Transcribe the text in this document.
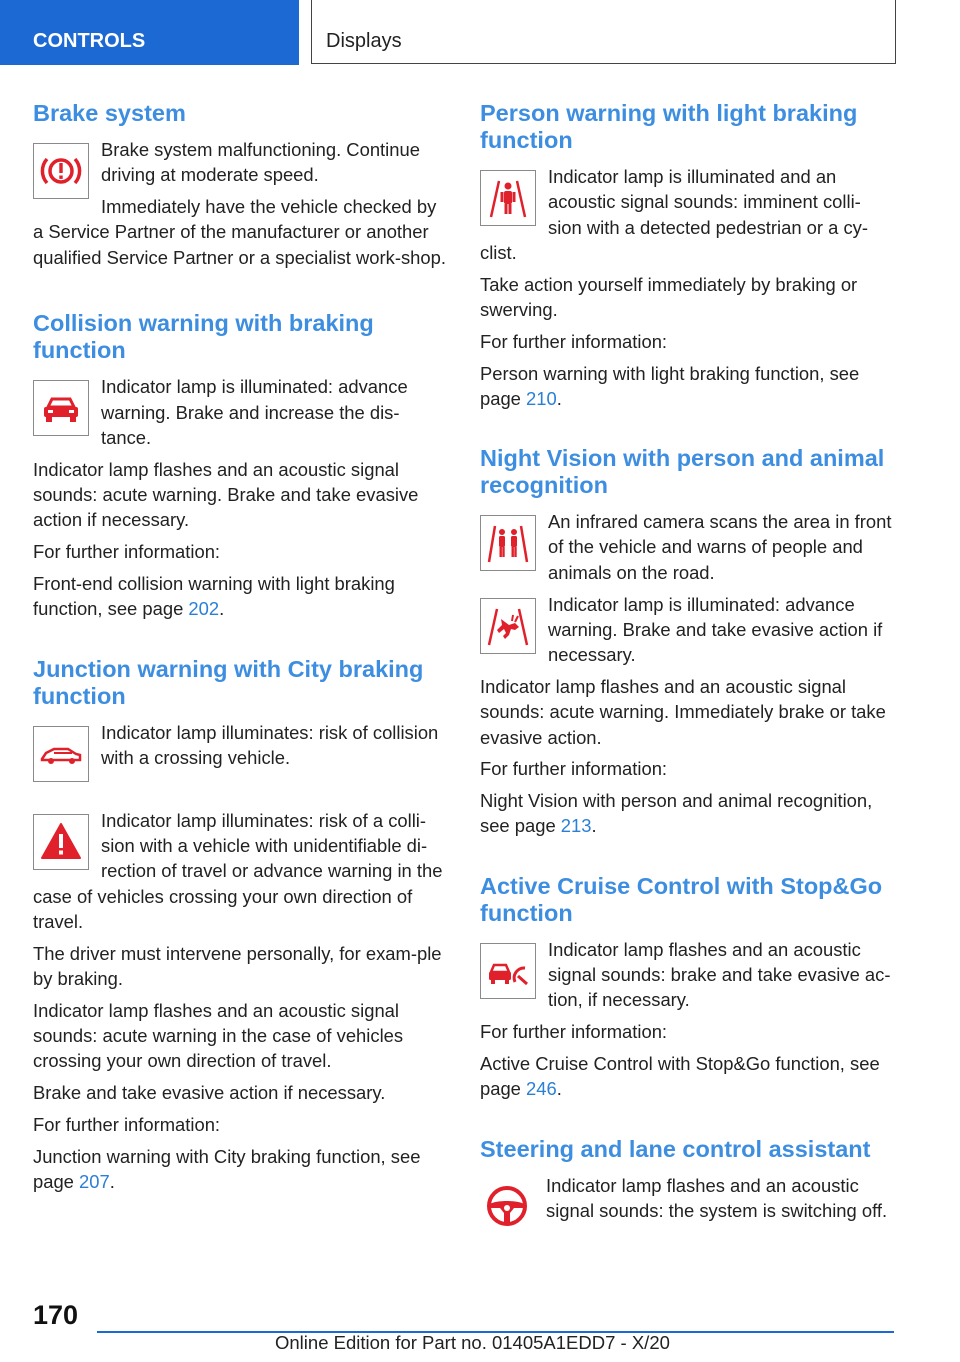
CONTROLS	Displays
Brake system

Brake system malfunctioning. Continue driving at moderate speed.

Immediately have the vehicle checked by a Service Partner of the manufacturer or another qualified Service Partner or a specialist work-shop.

Collision warning with braking function

Indicator lamp is illuminated: advance warning. Brake and increase the dis-tance.

Indicator lamp flashes and an acoustic signal sounds: acute warning. Brake and take evasive action if necessary.

For further information:

Front-end collision warning with light braking function, see page 202.

Junction warning with City braking function

Indicator lamp illuminates: risk of collision with a crossing vehicle.

Indicator lamp illuminates: risk of a colli-sion with a vehicle with unidentifiable di-rection of travel or advance warning in the case of vehicles crossing your own direction of travel.

The driver must intervene personally, for exam-ple by braking.

Indicator lamp flashes and an acoustic signal sounds: acute warning in the case of vehicles crossing your own direction of travel.

Brake and take evasive action if necessary.

For further information:

Junction warning with City braking function, see page 207.

Person warning with light braking function

Indicator lamp is illuminated and an acoustic signal sounds: imminent colli-sion with a detected pedestrian or a cy-clist.

Take action yourself immediately by braking or swerving.

For further information:

Person warning with light braking function, see page 210.

Night Vision with person and animal recognition

An infrared camera scans the area in front of the vehicle and warns of people and animals on the road.

Indicator lamp is illuminated: advance warning. Brake and take evasive action if necessary.

Indicator lamp flashes and an acoustic signal sounds: acute warning. Immediately brake or take evasive action.

For further information:

Night Vision with person and animal recognition, see page 213.

Active Cruise Control with Stop&Go function

Indicator lamp flashes and an acoustic signal sounds: brake and take evasive ac-tion, if necessary.

For further information:

Active Cruise Control with Stop&Go function, see page 246.

Steering and lane control assistant

Indicator lamp flashes and an acoustic signal sounds: the system is switching off.

170
Online Edition for Part no. 01405A1EDD7 - X/20
